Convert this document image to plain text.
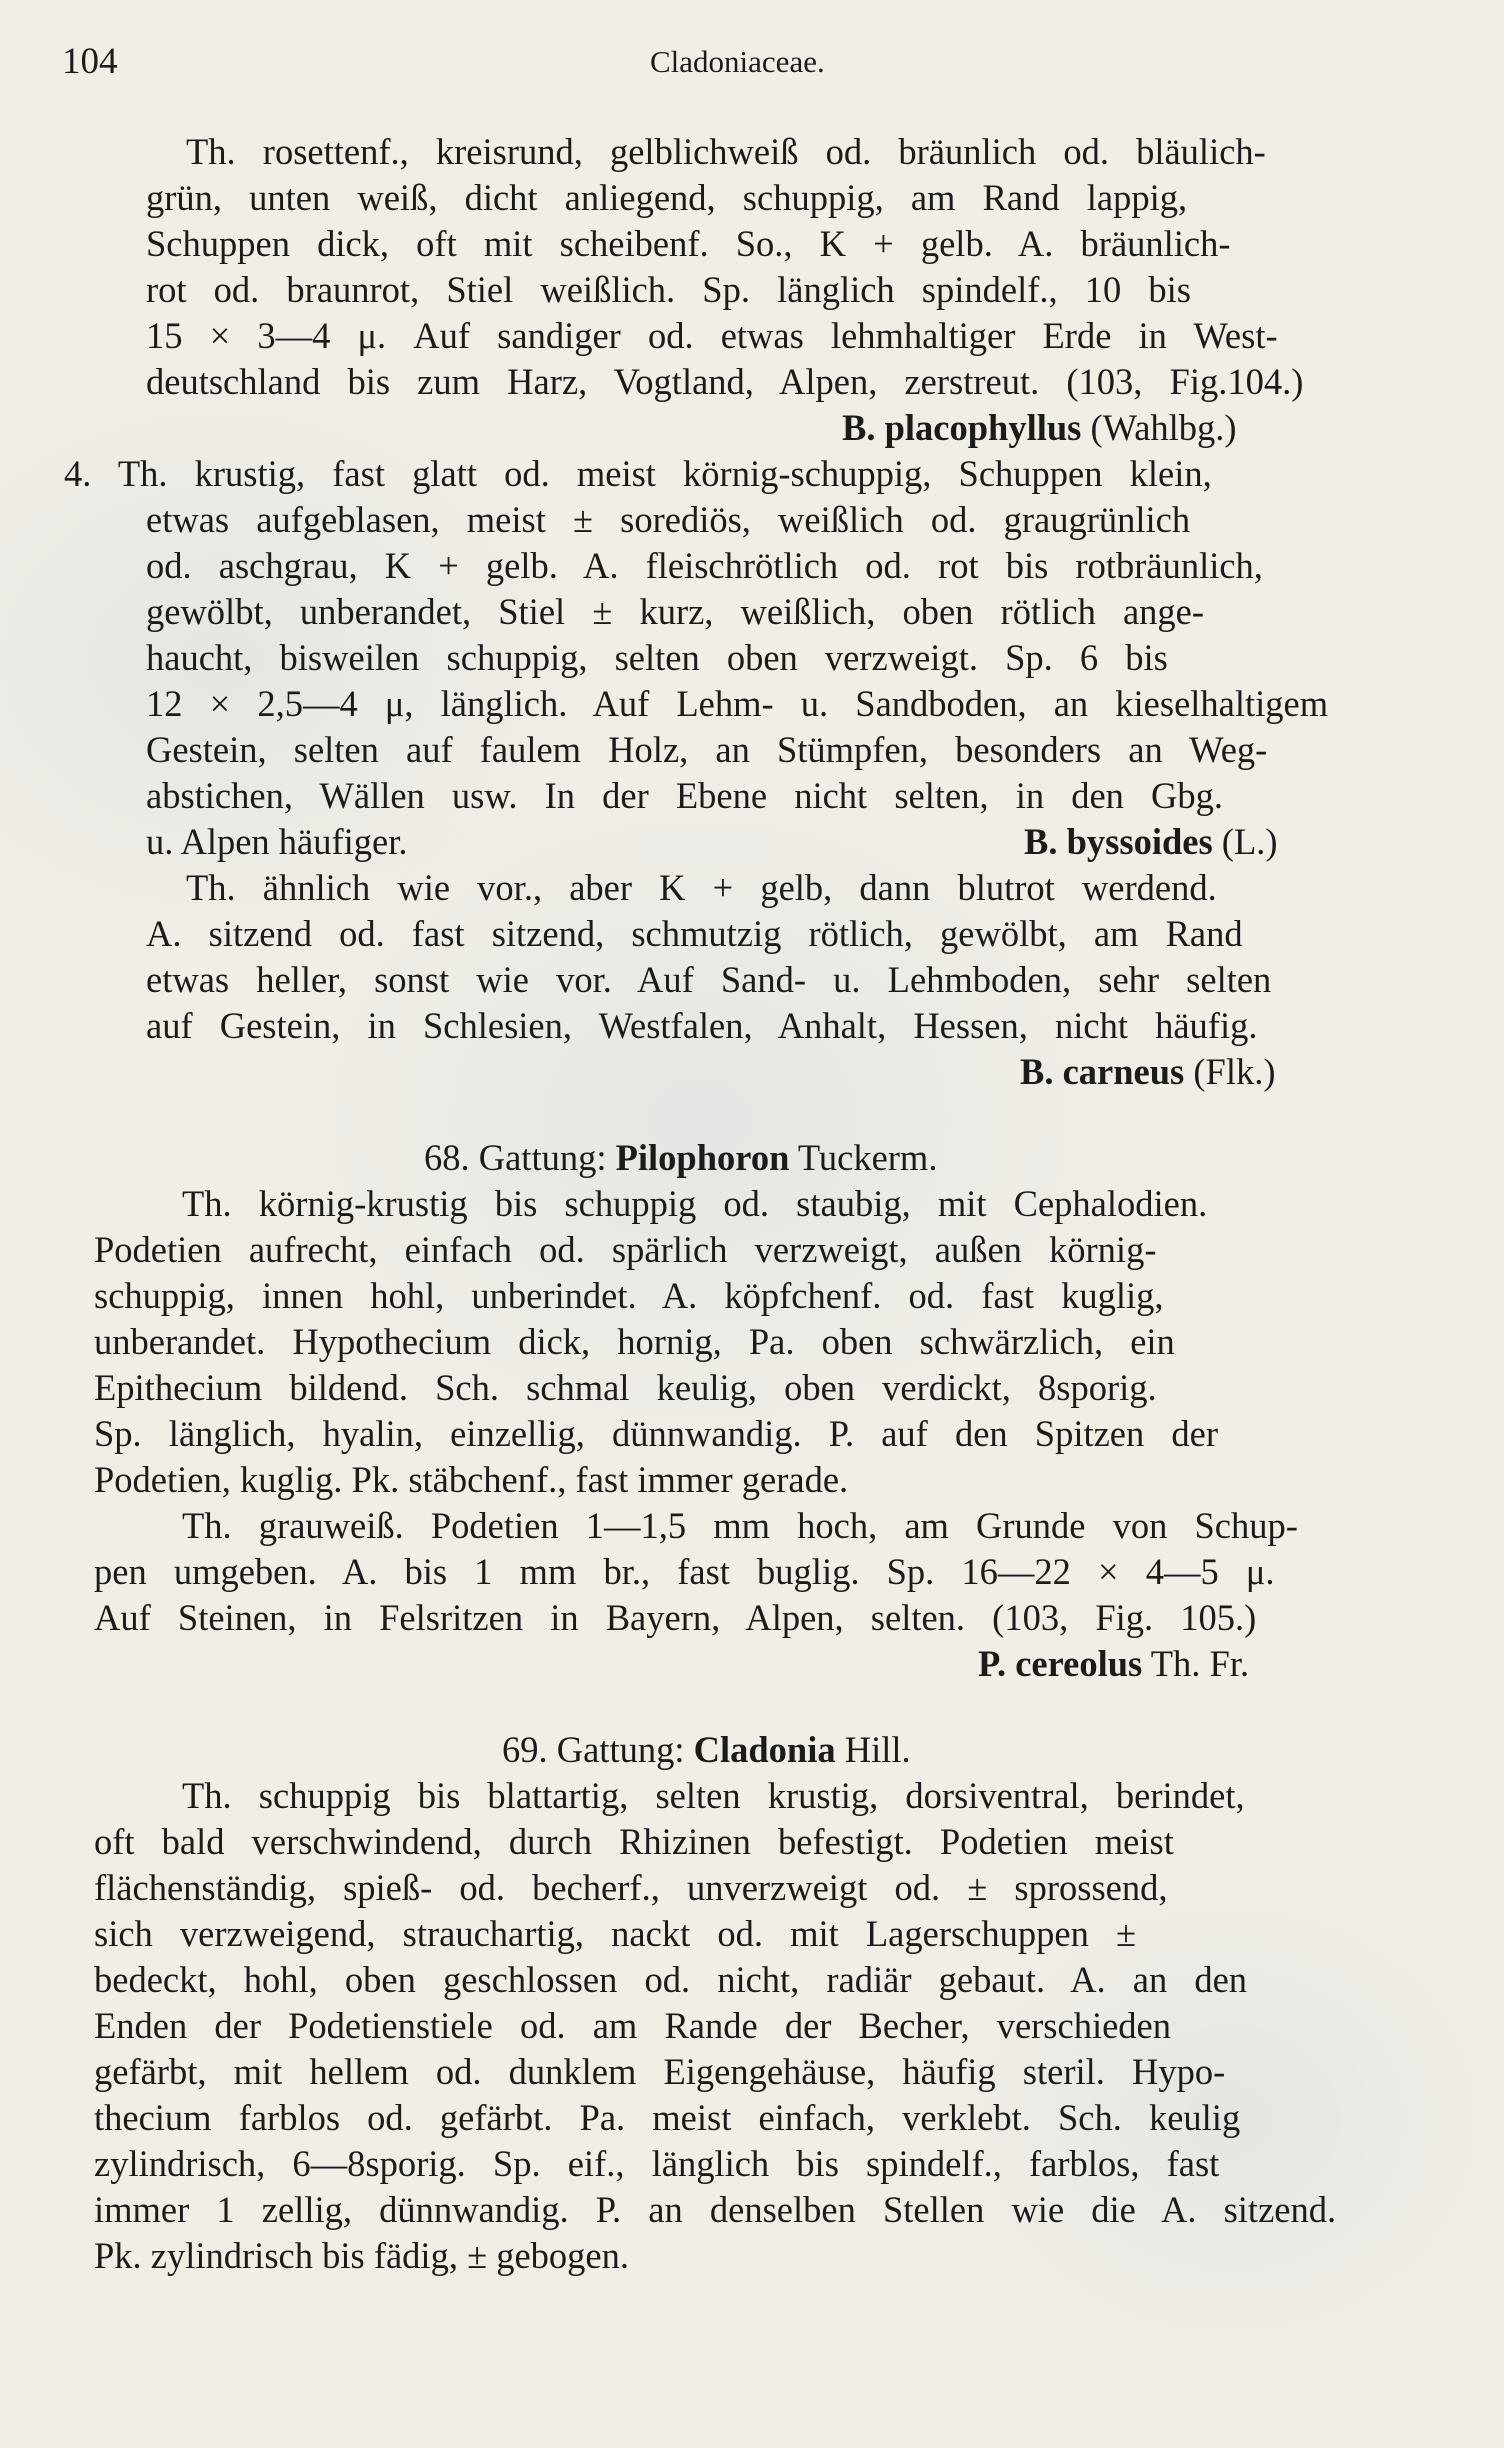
104	Cladoniaceae.
Th. rosettenf., kreisrund, gelblichweiß od. bräunlich od. bläulich-
grün, unten weiß, dicht anliegend, schuppig, am Rand lappig,
Schuppen dick, oft mit scheibenf. So., K + gelb. A. bräunlich-
rot od. braunrot, Stiel weißlich. Sp. länglich spindelf., 10 bis
15 × 3—4 μ. Auf sandiger od. etwas lehmhaltiger Erde in West-
deutschland bis zum Harz, Vogtland, Alpen, zerstreut. (103, Fig.104.)
B. placophyllus (Wahlbg.)
4. Th. krustig, fast glatt od. meist körnig-schuppig, Schuppen klein,
etwas aufgeblasen, meist ± sorediös, weißlich od. graugrünlich
od. aschgrau, K + gelb. A. fleischrötlich od. rot bis rotbräunlich,
gewölbt, unberandet, Stiel ± kurz, weißlich, oben rötlich ange-
haucht, bisweilen schuppig, selten oben verzweigt. Sp. 6 bis
12 × 2,5—4 μ, länglich. Auf Lehm- u. Sandboden, an kieselhaltigem
Gestein, selten auf faulem Holz, an Stümpfen, besonders an Weg-
abstichen, Wällen usw. In der Ebene nicht selten, in den Gbg.
u. Alpen häufiger.	B. byssoides (L.)
Th. ähnlich wie vor., aber K + gelb, dann blutrot werdend.
A. sitzend od. fast sitzend, schmutzig rötlich, gewölbt, am Rand
etwas heller, sonst wie vor. Auf Sand- u. Lehmboden, sehr selten
auf Gestein, in Schlesien, Westfalen, Anhalt, Hessen, nicht häufig.
B. carneus (Flk.)
68. Gattung: Pilophoron Tuckerm.
Th. körnig-krustig bis schuppig od. staubig, mit Cephalodien.
Podetien aufrecht, einfach od. spärlich verzweigt, außen körnig-
schuppig, innen hohl, unberindet. A. köpfchenf. od. fast kuglig,
unberandet. Hypothecium dick, hornig, Pa. oben schwärzlich, ein
Epithecium bildend. Sch. schmal keulig, oben verdickt, 8sporig.
Sp. länglich, hyalin, einzellig, dünnwandig. P. auf den Spitzen der
Podetien, kuglig. Pk. stäbchenf., fast immer gerade.
Th. grauweiß. Podetien 1—1,5 mm hoch, am Grunde von Schup-
pen umgeben. A. bis 1 mm br., fast buglig. Sp. 16—22 × 4—5 μ.
Auf Steinen, in Felsritzen in Bayern, Alpen, selten. (103, Fig. 105.)
P. cereolus Th. Fr.
69. Gattung: Cladonia Hill.
Th. schuppig bis blattartig, selten krustig, dorsiventral, berindet,
oft bald verschwindend, durch Rhizinen befestigt. Podetien meist
flächenständig, spieß- od. becherf., unverzweigt od. ± sprossend,
sich verzweigend, strauchartig, nackt od. mit Lagerschuppen ±
bedeckt, hohl, oben geschlossen od. nicht, radiär gebaut. A. an den
Enden der Podetienstiele od. am Rande der Becher, verschieden
gefärbt, mit hellem od. dunklem Eigengehäuse, häufig steril. Hypo-
thecium farblos od. gefärbt. Pa. meist einfach, verklebt. Sch. keulig
zylindrisch, 6—8sporig. Sp. eif., länglich bis spindelf., farblos, fast
immer 1 zellig, dünnwandig. P. an denselben Stellen wie die A. sitzend.
Pk. zylindrisch bis fädig, ± gebogen.
